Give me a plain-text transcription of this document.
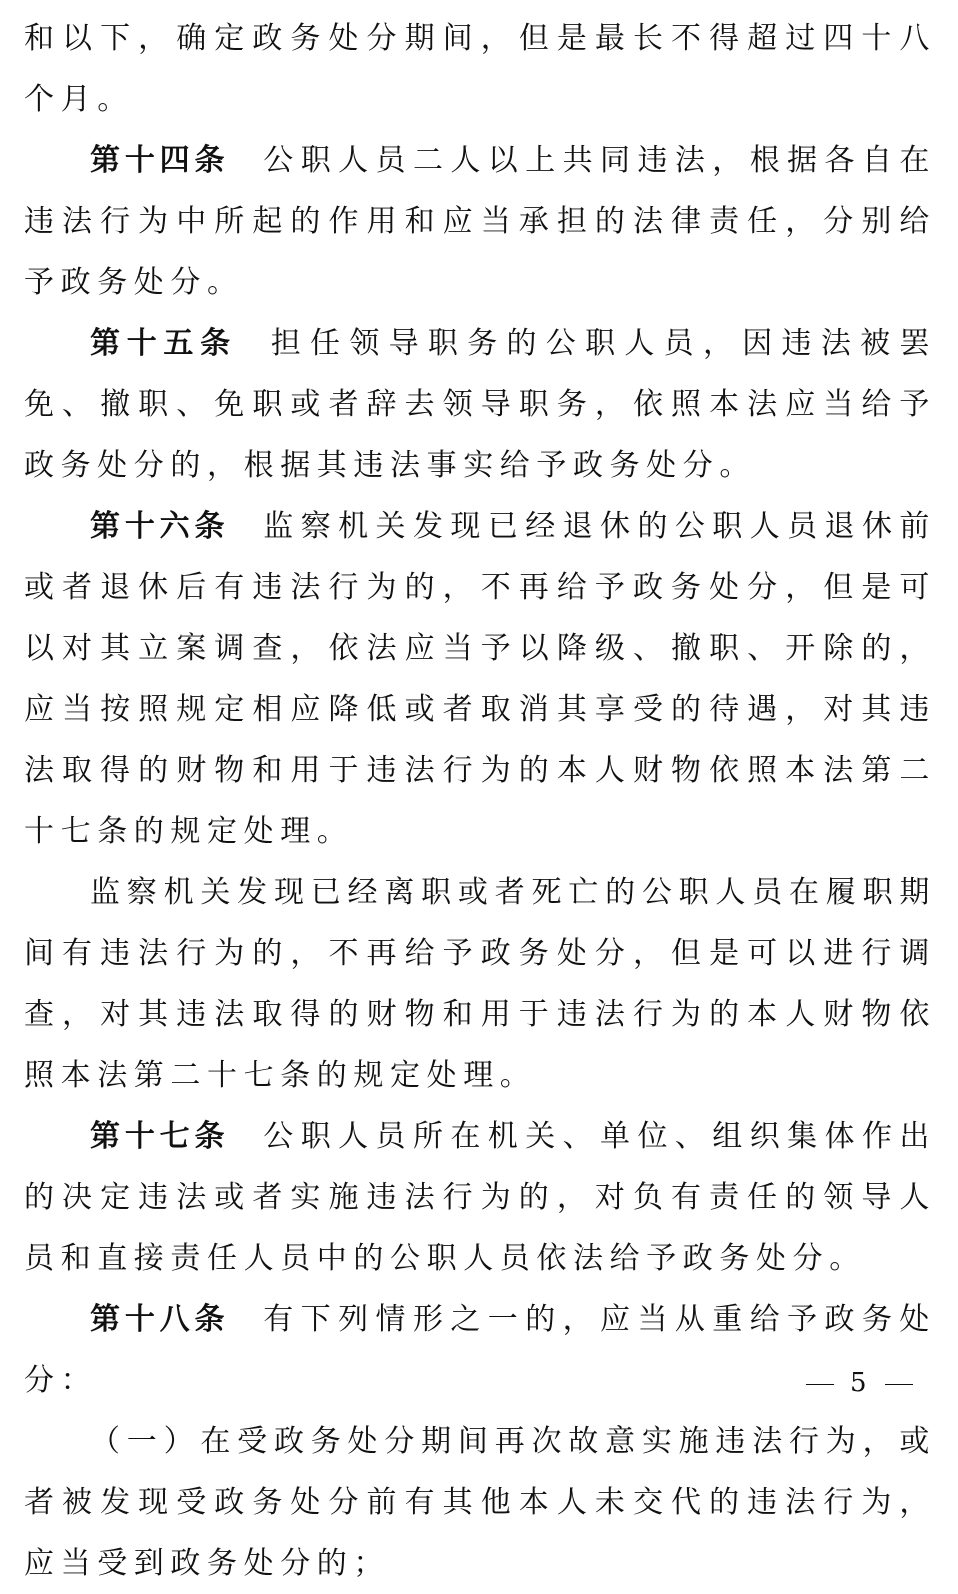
和以下，确定政务处分期间，但是最长不得超过四十八个月。

第十四条 公职人员二人以上共同违法，根据各自在违法行为中所起的作用和应当承担的法律责任，分别给予政务处分。

第十五条 担任领导职务的公职人员，因违法被罢免、撤职、免职或者辞去领导职务，依照本法应当给予政务处分的，根据其违法事实给予政务处分。

第十六条 监察机关发现已经退休的公职人员退休前或者退休后有违法行为的，不再给予政务处分，但是可以对其立案调查，依法应当予以降级、撤职、开除的，应当按照规定相应降低或者取消其享受的待遇，对其违法取得的财物和用于违法行为的本人财物依照本法第二十七条的规定处理。

监察机关发现已经离职或者死亡的公职人员在履职期间有违法行为的，不再给予政务处分，但是可以进行调查，对其违法取得的财物和用于违法行为的本人财物依照本法第二十七条的规定处理。

第十七条 公职人员所在机关、单位、组织集体作出的决定违法或者实施违法行为的，对负有责任的领导人员和直接责任人员中的公职人员依法给予政务处分。

第十八条 有下列情形之一的，应当从重给予政务处分：

（一）在受政务处分期间再次故意实施违法行为，或者被发现受政务处分前有其他本人未交代的违法行为，应当受到政务处分的；

5
